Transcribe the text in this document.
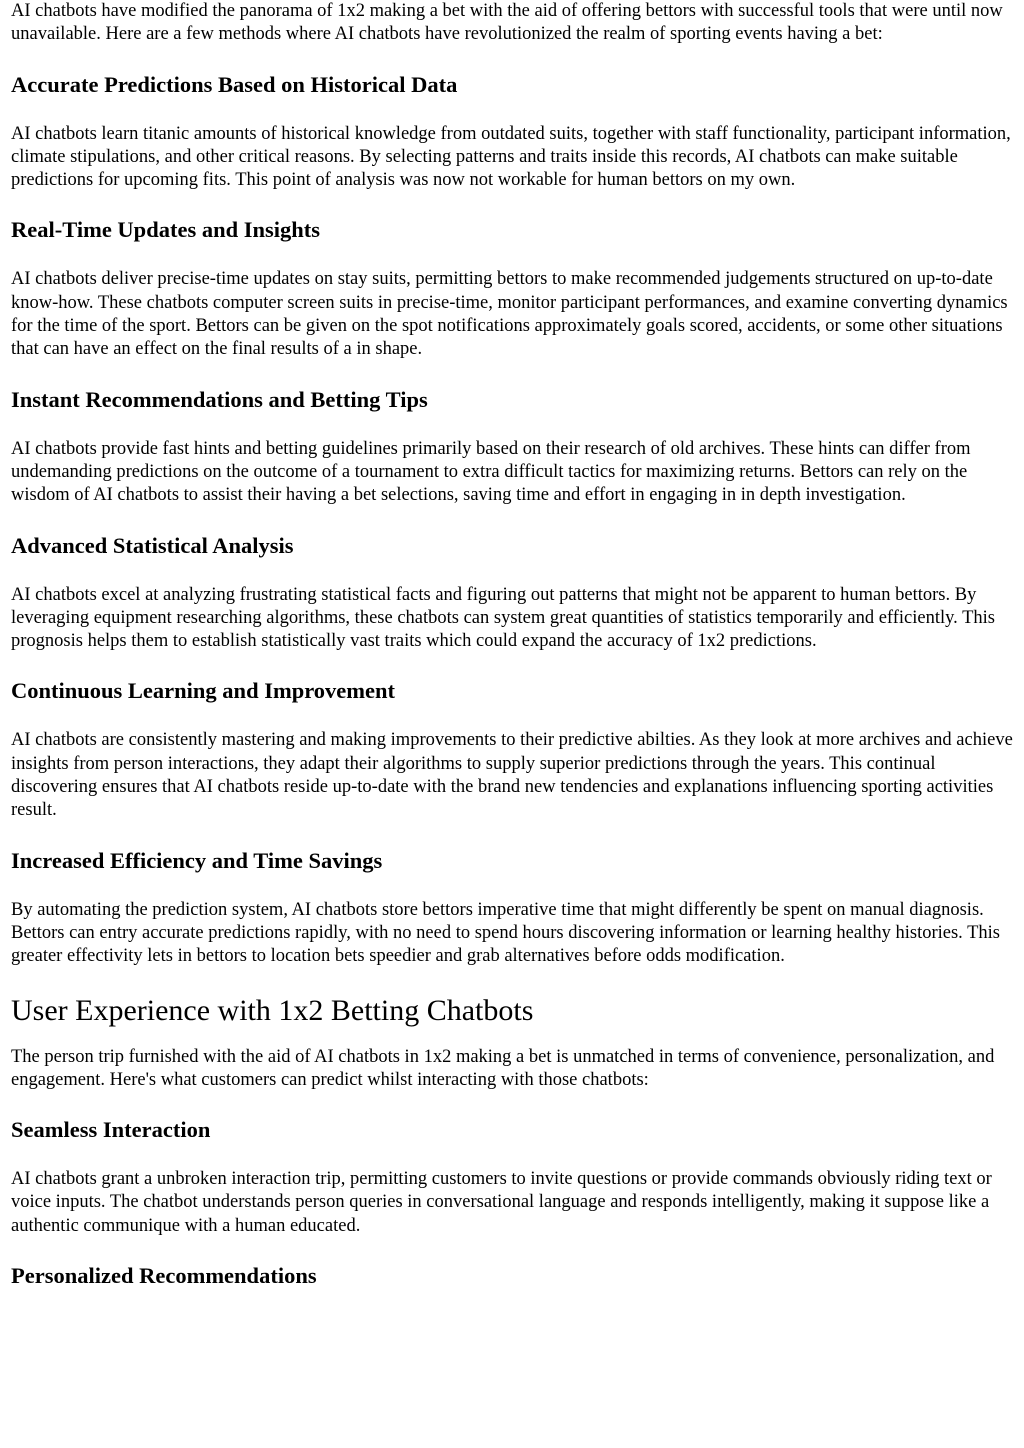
AI chatbots have modified the panorama of 1x2 making a bet with the aid of offering bettors with successful tools that were until now unavailable. Here are a few methods where AI chatbots have revolutionized the realm of sporting events having a bet:

Accurate Predictions Based on Historical Data

AI chatbots learn titanic amounts of historical knowledge from outdated suits, together with staff functionality, participant information, climate stipulations, and other critical reasons. By selecting patterns and traits inside this records, AI chatbots can make suitable predictions for upcoming fits. This point of analysis was now not workable for human bettors on my own.

Real-Time Updates and Insights

AI chatbots deliver precise-time updates on stay suits, permitting bettors to make recommended judgements structured on up-to-date know-how. These chatbots computer screen suits in precise-time, monitor participant performances, and examine converting dynamics for the time of the sport. Bettors can be given on the spot notifications approximately goals scored, accidents, or some other situations that can have an effect on the final results of a in shape.

Instant Recommendations and Betting Tips

AI chatbots provide fast hints and betting guidelines primarily based on their research of old archives. These hints can differ from undemanding predictions on the outcome of a tournament to extra difficult tactics for maximizing returns. Bettors can rely on the wisdom of AI chatbots to assist their having a bet selections, saving time and effort in engaging in in depth investigation.

Advanced Statistical Analysis

AI chatbots excel at analyzing frustrating statistical facts and figuring out patterns that might not be apparent to human bettors. By leveraging equipment researching algorithms, these chatbots can system great quantities of statistics temporarily and efficiently. This prognosis helps them to establish statistically vast traits which could expand the accuracy of 1x2 predictions.

Continuous Learning and Improvement

AI chatbots are consistently mastering and making improvements to their predictive abilties. As they look at more archives and achieve insights from person interactions, they adapt their algorithms to supply superior predictions through the years. This continual discovering ensures that AI chatbots reside up-to-date with the brand new tendencies and explanations influencing sporting activities result.

Increased Efficiency and Time Savings

By automating the prediction system, AI chatbots store bettors imperative time that might differently be spent on manual diagnosis. Bettors can entry accurate predictions rapidly, with no need to spend hours discovering information or learning healthy histories. This greater effectivity lets in bettors to location bets speedier and grab alternatives before odds modification.

User Experience with 1x2 Betting Chatbots

The person trip furnished with the aid of AI chatbots in 1x2 making a bet is unmatched in terms of convenience, personalization, and engagement. Here's what customers can predict whilst interacting with those chatbots:

Seamless Interaction

AI chatbots grant a unbroken interaction trip, permitting customers to invite questions or provide commands obviously riding text or voice inputs. The chatbot understands person queries in conversational language and responds intelligently, making it suppose like a authentic communique with a human educated.

Personalized Recommendations
